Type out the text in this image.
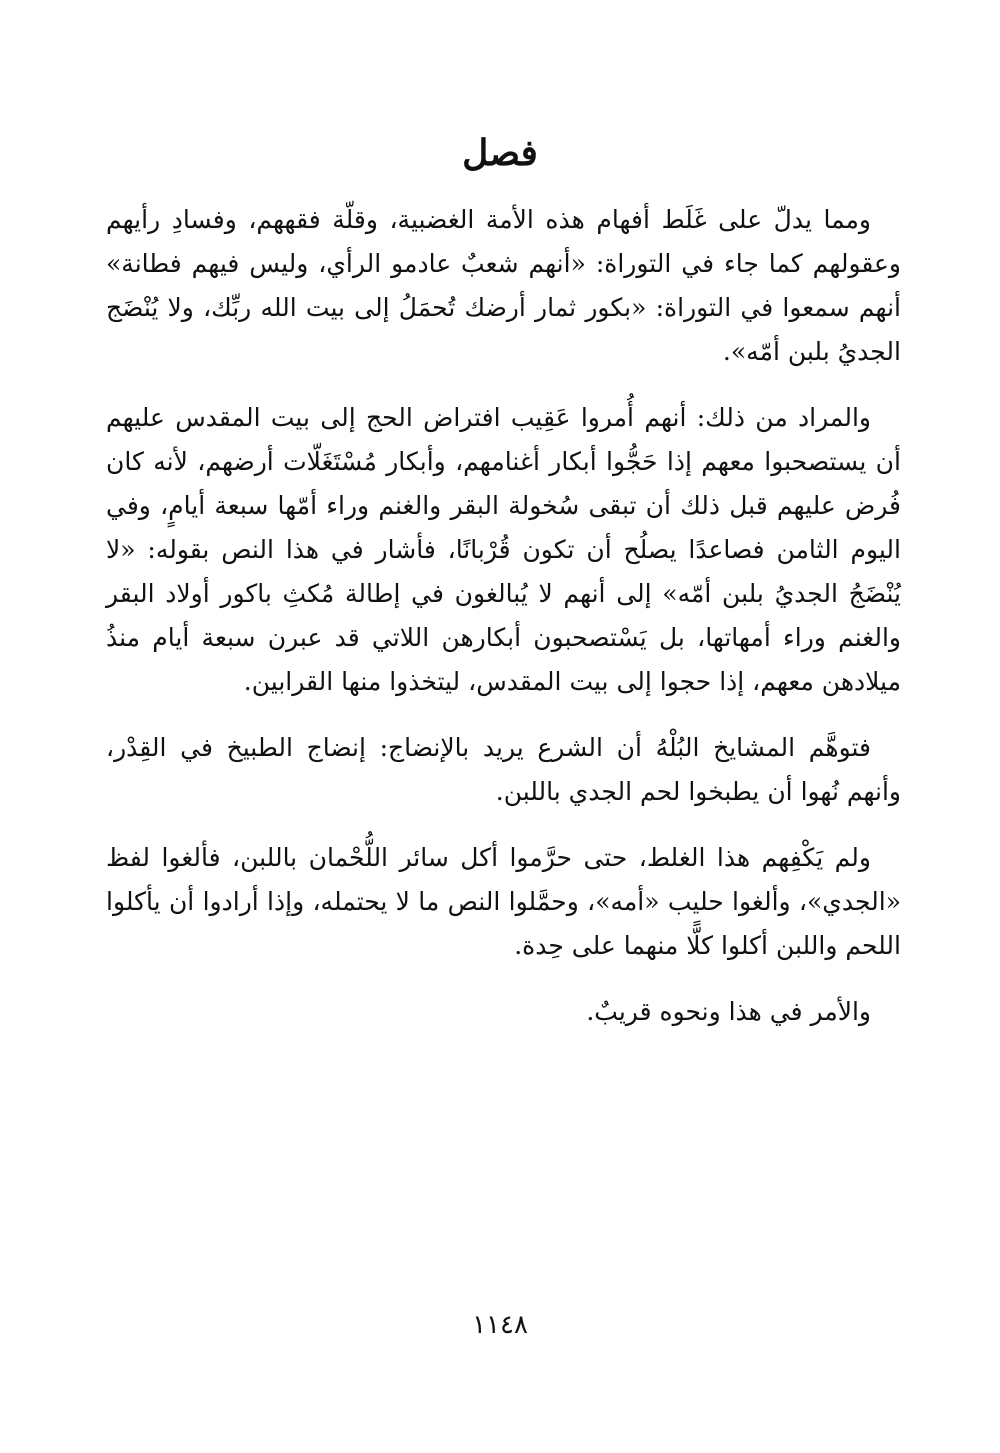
فصل

ومما يدلّ على غَلَط أفهام هذه الأمة الغضبية، وقلّة فقههم، وفسادِ رأيهم وعقولهم كما جاء في التوراة: «أنهم شعبٌ عادمو الرأي، وليس فيهم فطانة» أنهم سمعوا في التوراة: «بكور ثمار أرضك تُحمَلُ إلى بيت الله ربِّك، ولا يُنْضَج الجديُ بلبن أمّه».

والمراد من ذلك: أنهم أُمروا عَقِيب افتراض الحج إلى بيت المقدس عليهم أن يستصحبوا معهم إذا حَجُّوا أبكار أغنامهم، وأبكار مُسْتَغَلّات أرضهم، لأنه كان فُرض عليهم قبل ذلك أن تبقى سُخولة البقر والغنم وراء أمّها سبعة أيامٍ، وفي اليوم الثامن فصاعدًا يصلُح أن تكون قُرْبانًا، فأشار في هذا النص بقوله: «لا يُنْضَجُ الجديُ بلبن أمّه» إلى أنهم لا يُبالغون في إطالة مُكثِ باكور أولاد البقر والغنم وراء أمهاتها، بل يَسْتصحبون أبكارهن اللاتي قد عبرن سبعة أيام منذُ ميلادهن معهم، إذا حجوا إلى بيت المقدس، ليتخذوا منها القرابين.

فتوهَّم المشايخ البُلْهُ أن الشرع يريد بالإنضاج: إنضاج الطبيخ في القِدْر، وأنهم نُهوا أن يطبخوا لحم الجدي باللبن.

ولم يَكْفِهم هذا الغلط، حتى حرَّموا أكل سائر اللُّحْمان باللبن، فألغوا لفظ «الجدي»، وألغوا حليب «أمه»، وحمَّلوا النص ما لا يحتمله، وإذا أرادوا أن يأكلوا اللحم واللبن أكلوا كلًّا منهما على حِدة.

والأمر في هذا ونحوه قريبٌ.

١١٤٨
